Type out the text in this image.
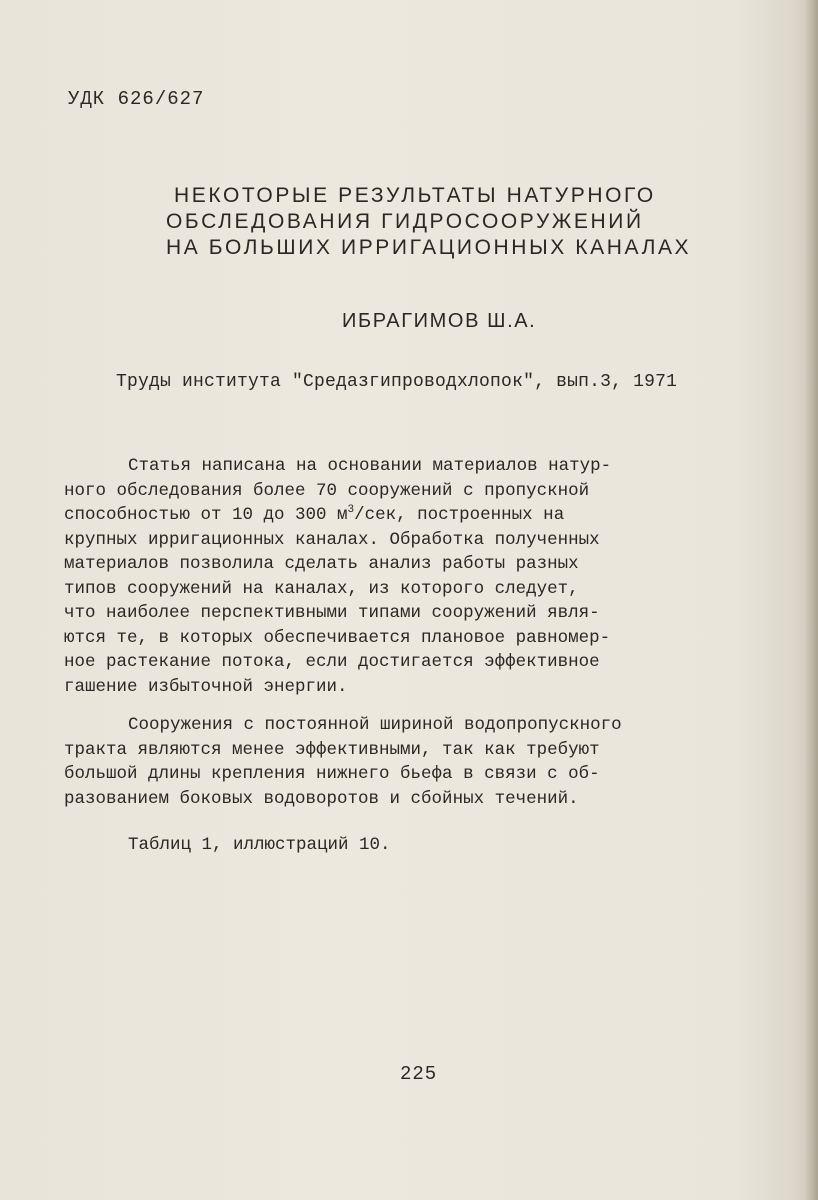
УДК 626/627
НЕКОТОРЫЕ РЕЗУЛЬТАТЫ НАТУРНОГО
ОБСЛЕДОВАНИЯ ГИДРОСООРУЖЕНИЙ
НА БОЛЬШИХ ИРРИГАЦИОННЫХ КАНАЛАХ
ИБРАГИМОВ Ш.А.
Труды института "Средазгипроводхлопок", вып.3, 1971
Статья написана на основании материалов натур-
ного обследования более 70 сооружений с пропускной
способностью от 10 до 300 $м^3$/сек, построенных на
крупных ирригационных каналах. Обработка полученных
материалов позволила сделать анализ работы разных
типов сооружений на каналах, из которого следует,
что наиболее перспективными типами сооружений явля-
ются те, в которых обеспечивается плановое равномер-
ное растекание потока, если достигается эффективное
гашение избыточной энергии.
Сооружения с постоянной шириной водопропускного
тракта являются менее эффективными, так как требуют
большой длины крепления нижнего бьефа в связи с об-
разованием боковых водоворотов и сбойных течений.
Таблиц 1, иллюстраций 10.
225
